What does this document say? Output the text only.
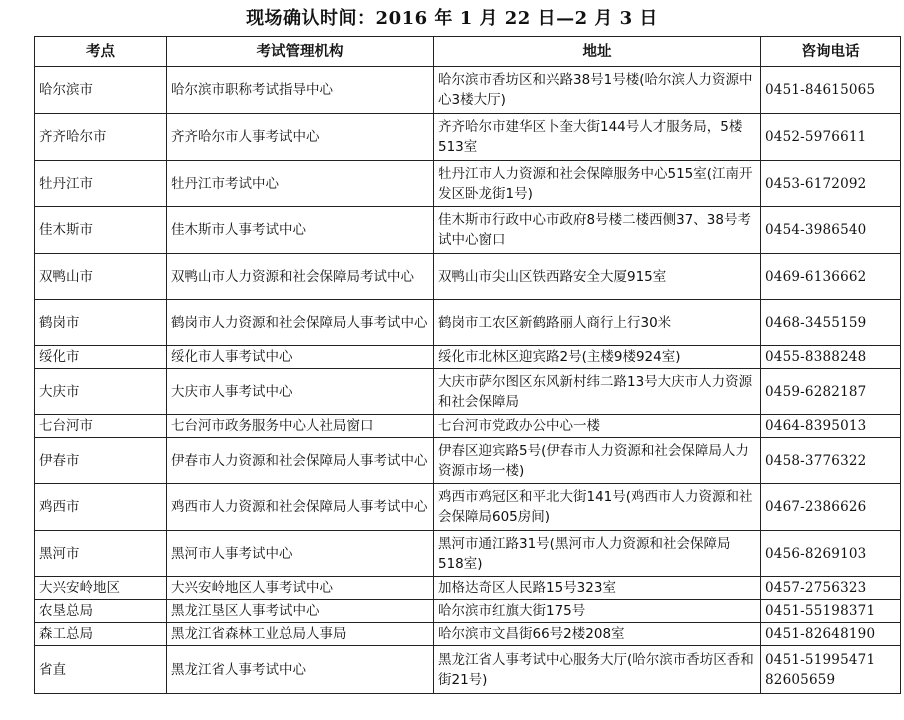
现场确认时间：2016 年 1 月 22 日—2 月 3 日
考点	考试管理机构	地址	咨询电话
哈尔滨市	哈尔滨市职称考试指导中心	哈尔滨市香坊区和兴路38号1号楼(哈尔滨人力资源中心3楼大厅)	0451-84615065
齐齐哈尔市	齐齐哈尔市人事考试中心	齐齐哈尔市建华区卜奎大街144号人才服务局，5楼513室	0452-5976611
牡丹江市	牡丹江市考试中心	牡丹江市人力资源和社会保障服务中心515室(江南开发区卧龙街1号)	0453-6172092
佳木斯市	佳木斯市人事考试中心	佳木斯市行政中心市政府8号楼二楼西侧37、38号考试中心窗口	0454-3986540
双鸭山市	双鸭山市人力资源和社会保障局考试中心	双鸭山市尖山区铁西路安全大厦915室	0469-6136662
鹤岗市	鹤岗市人力资源和社会保障局人事考试中心	鹤岗市工农区新鹤路丽人商行上行30米	0468-3455159
绥化市	绥化市人事考试中心	绥化市北林区迎宾路2号(主楼9楼924室)	0455-8388248
大庆市	大庆市人事考试中心	大庆市萨尔图区东风新村纬二路13号大庆市人力资源和社会保障局	0459-6282187
七台河市	七台河市政务服务中心人社局窗口	七台河市党政办公中心一楼	0464-8395013
伊春市	伊春市人力资源和社会保障局人事考试中心	伊春区迎宾路5号(伊春市人力资源和社会保障局人力资源市场一楼)	0458-3776322
鸡西市	鸡西市人力资源和社会保障局人事考试中心	鸡西市鸡冠区和平北大街141号(鸡西市人力资源和社会保障局605房间)	0467-2386626
黑河市	黑河市人事考试中心	黑河市通江路31号(黑河市人力资源和社会保障局518室)	0456-8269103
大兴安岭地区	大兴安岭地区人事考试中心	加格达奇区人民路15号323室	0457-2756323
农垦总局	黑龙江垦区人事考试中心	哈尔滨市红旗大街175号	0451-55198371
森工总局	黑龙江省森林工业总局人事局	哈尔滨市文昌街66号2楼208室	0451-82648190
省直	黑龙江省人事考试中心	黑龙江省人事考试中心服务大厅(哈尔滨市香坊区香和街21号)	0451-51995471
82605659
